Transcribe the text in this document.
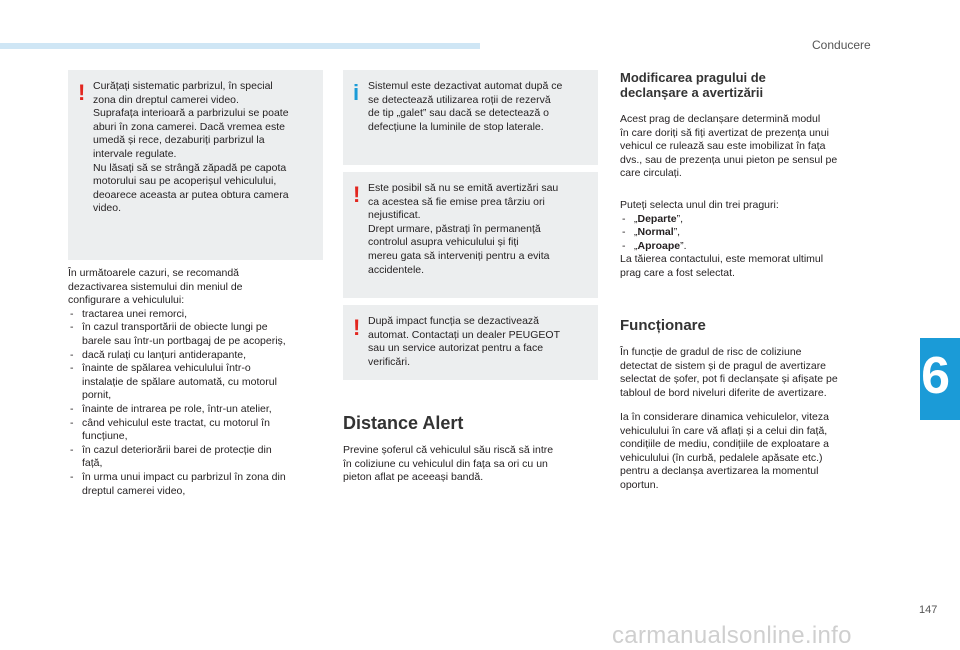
Conducere
6
147
carmanualsonline.info
! Curățați sistematic parbrizul, în special
zona din dreptul camerei video.
Suprafața interioară a parbrizului se poate
aburi în zona camerei. Dacă vremea este
umedă și rece, dezaburiți parbrizul la
intervale regulate.
Nu lăsați să se strângă zăpadă pe capota
motorului sau pe acoperișul vehiculului,
deoarece aceasta ar putea obtura camera
video.
În următoarele cazuri, se recomandă
dezactivarea sistemului din meniul de
configurare a vehiculului:
- tractarea unei remorci,
- în cazul transportării de obiecte lungi pe
barele sau într-un portbagaj de pe acoperiș,
- dacă rulați cu lanțuri antiderapante,
- înainte de spălarea vehiculului într-o
instalație de spălare automată, cu motorul
pornit,
- înainte de intrarea pe role, într-un atelier,
- când vehiculul este tractat, cu motorul în
funcțiune,
- în cazul deteriorării barei de protecție din
față,
- în urma unui impact cu parbrizul în zona din
dreptul camerei video,
i Sistemul este dezactivat automat după ce
se detectează utilizarea roții de rezervă
de tip „galet” sau dacă se detectează o
defecțiune la luminile de stop laterale.
! Este posibil să nu se emită avertizări sau
ca acestea să fie emise prea târziu ori
nejustificat.
Drept urmare, păstrați în permanență
controlul asupra vehiculului și fiți
mereu gata să interveniți pentru a evita
accidentele.
! După impact funcția se dezactivează
automat. Contactați un dealer PEUGEOT
sau un service autorizat pentru a face
verificări.
Distance Alert
Previne șoferul că vehiculul său riscă să intre
în coliziune cu vehiculul din fața sa ori cu un
pieton aflat pe aceeași bandă.
Modificarea pragului de
declanșare a avertizării
Acest prag de declanșare determină modul
în care doriți să fiți avertizat de prezența unui
vehicul ce rulează sau este imobilizat în fața
dvs., sau de prezența unui pieton pe sensul pe
care circulați.
Puteți selecta unul din trei praguri:
- „Departe”,
- „Normal”,
- „Aproape”.
La tăierea contactului, este memorat ultimul
prag care a fost selectat.
Funcționare
În funcție de gradul de risc de coliziune
detectat de sistem și de pragul de avertizare
selectat de șofer, pot fi declanșate și afișate pe
tabloul de bord niveluri diferite de avertizare.
Ia în considerare dinamica vehiculelor, viteza
vehiculului în care vă aflați și a celui din față,
condițiile de mediu, condițiile de exploatare a
vehiculului (în curbă, pedalele apăsate etc.)
pentru a declanșa avertizarea la momentul
oportun.
